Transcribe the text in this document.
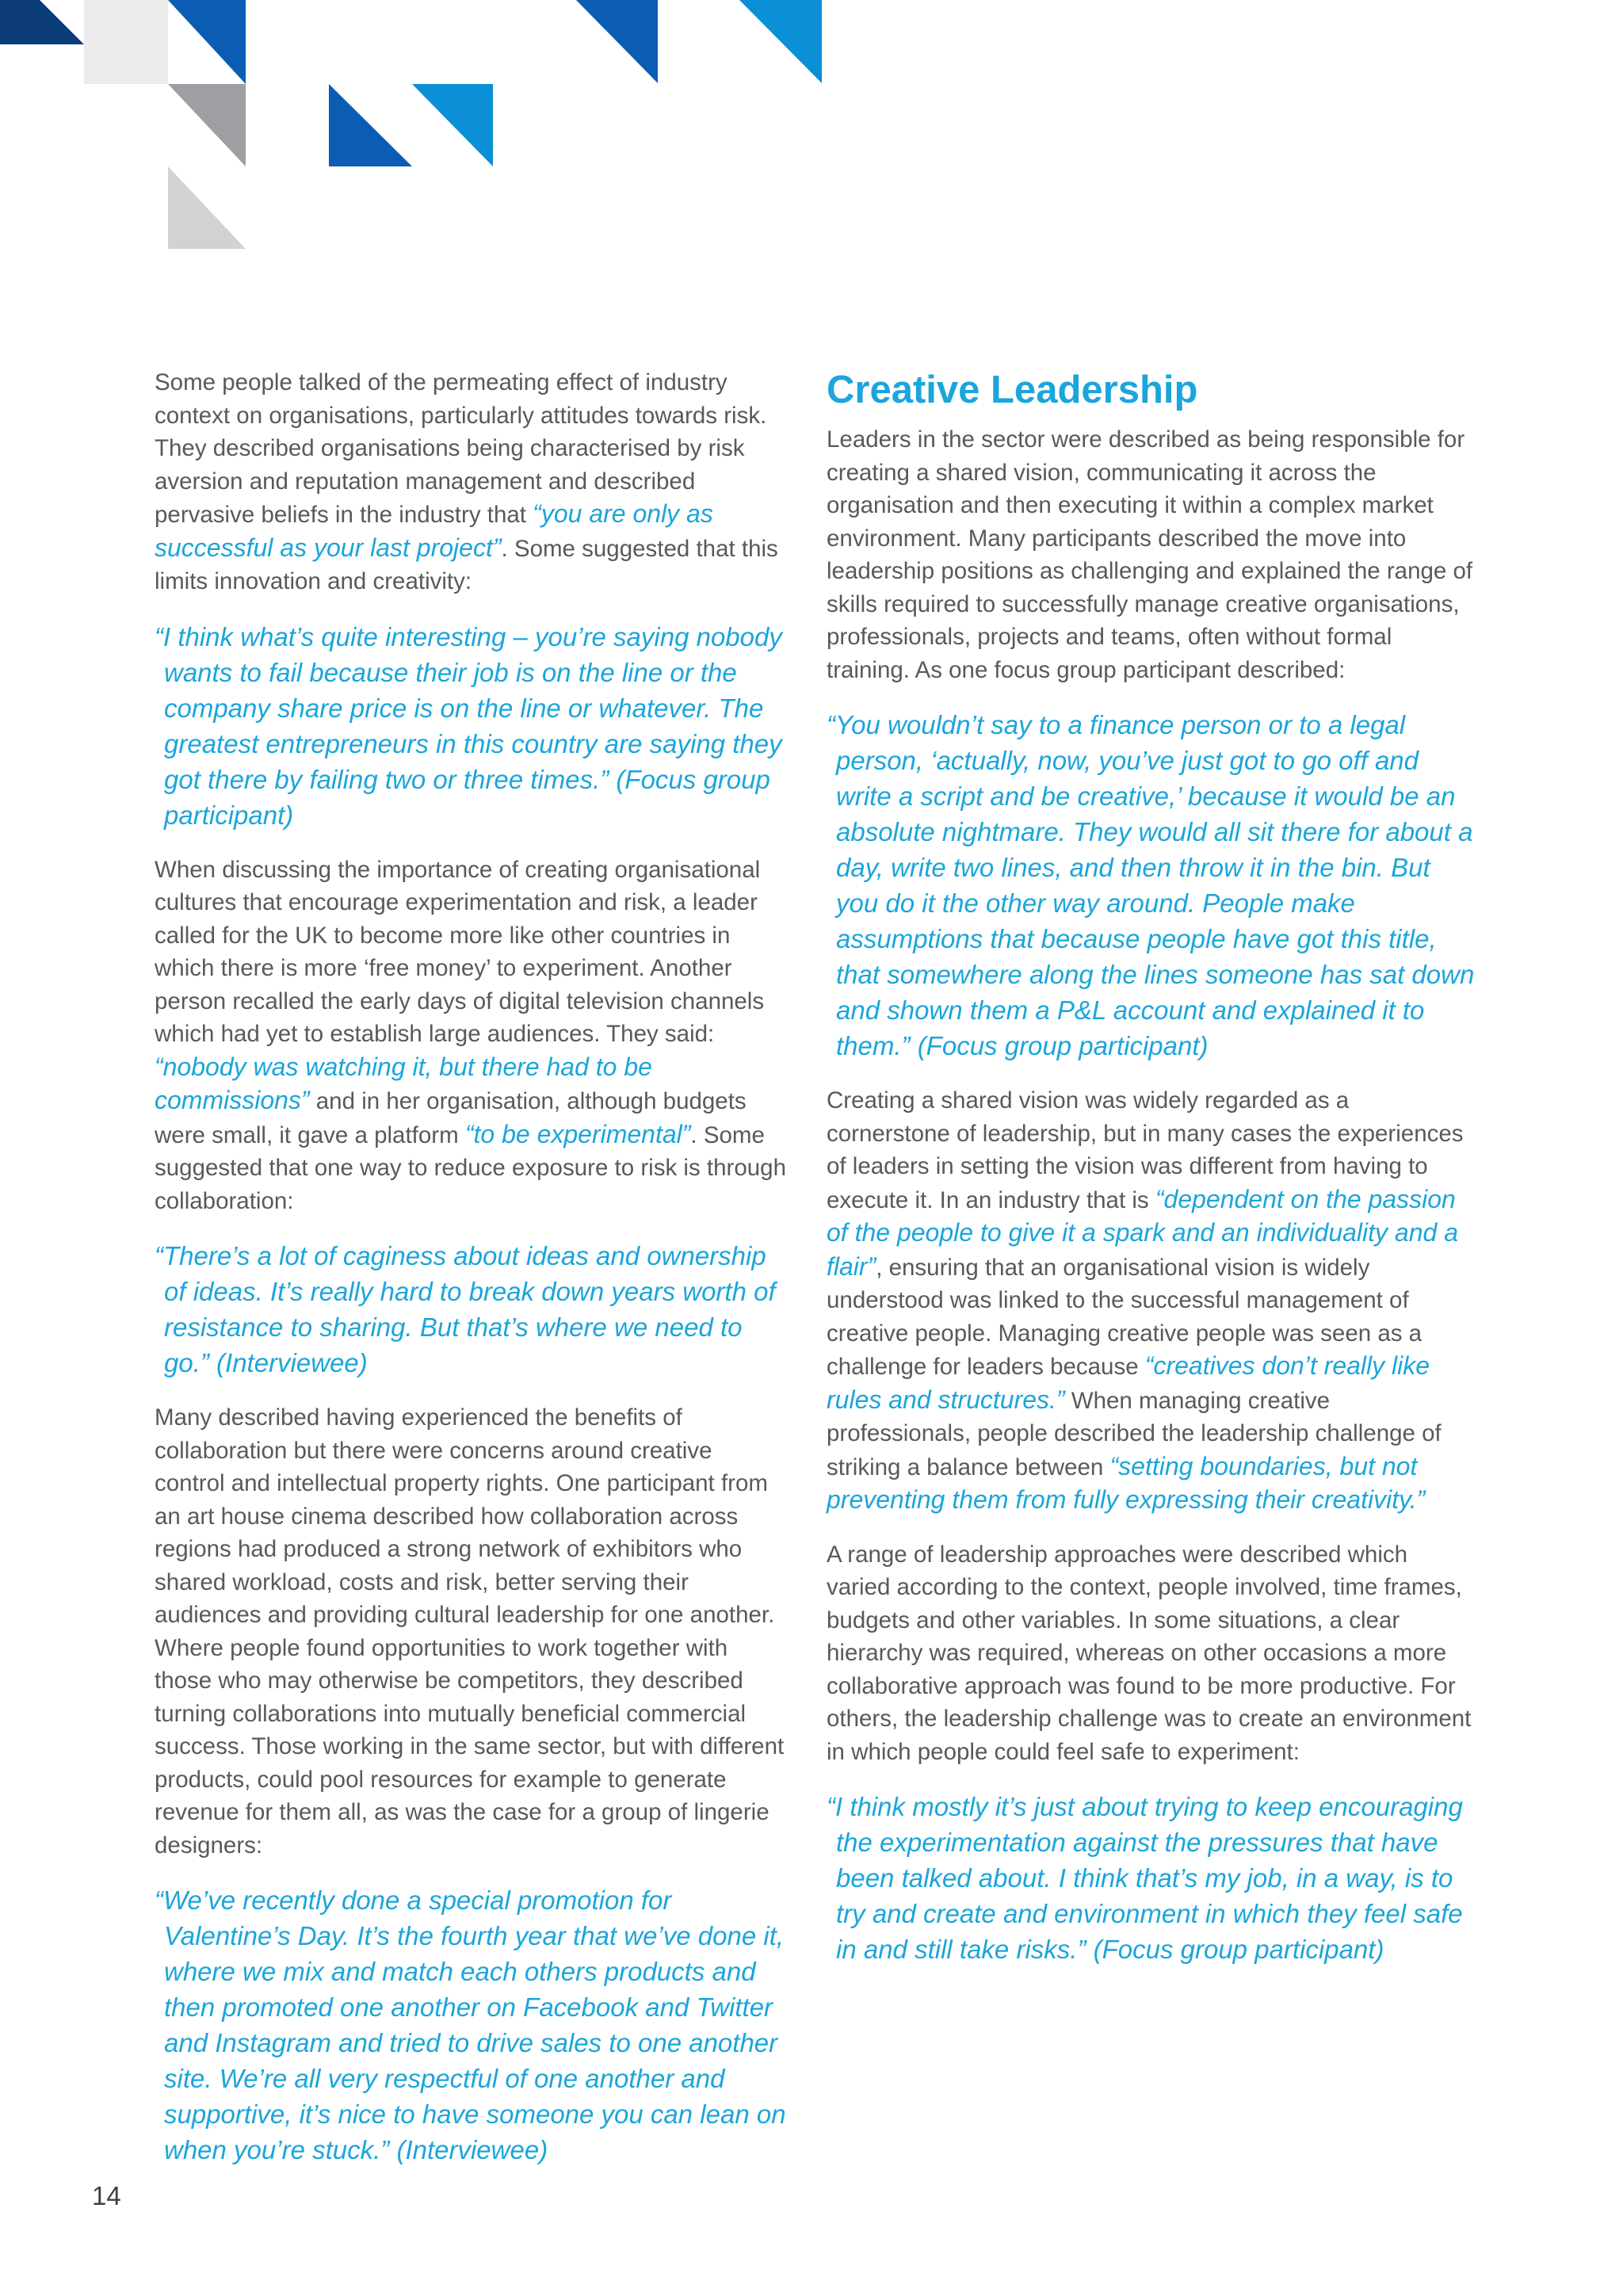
Some people talked of the permeating effect of industry context on organisations, particularly attitudes towards risk. They described organisations being characterised by risk aversion and reputation management and described pervasive beliefs in the industry that “you are only as successful as your last project”. Some suggested that this limits innovation and creativity:

“I think what’s quite interesting – you’re saying nobody wants to fail because their job is on the line or the company share price is on the line or whatever. The greatest entrepreneurs in this country are saying they got there by failing two or three times.” (Focus group participant)

When discussing the importance of creating organisational cultures that encourage experimentation and risk, a leader called for the UK to become more like other countries in which there is more ‘free money’ to experiment. Another person recalled the early days of digital television channels which had yet to establish large audiences. They said: “nobody was watching it, but there had to be commissions” and in her organisation, although budgets were small, it gave a platform “to be experimental”. Some suggested that one way to reduce exposure to risk is through collaboration:

“There’s a lot of caginess about ideas and ownership of ideas. It’s really hard to break down years worth of resistance to sharing. But that’s where we need to go.” (Interviewee)

Many described having experienced the benefits of collaboration but there were concerns around creative control and intellectual property rights. One participant from an art house cinema described how collaboration across regions had produced a strong network of exhibitors who shared workload, costs and risk, better serving their audiences and providing cultural leadership for one another. Where people found opportunities to work together with those who may otherwise be competitors, they described turning collaborations into mutually beneficial commercial success. Those working in the same sector, but with different products, could pool resources for example to generate revenue for them all, as was the case for a group of lingerie designers:

“We’ve recently done a special promotion for Valentine’s Day. It’s the fourth year that we’ve done it, where we mix and match each others products and then promoted one another on Facebook and Twitter and Instagram and tried to drive sales to one another site. We’re all very respectful of one another and supportive, it’s nice to have someone you can lean on when you’re stuck.” (Interviewee)

Creative Leadership

Leaders in the sector were described as being responsible for creating a shared vision, communicating it across the organisation and then executing it within a complex market environment. Many participants described the move into leadership positions as challenging and explained the range of skills required to successfully manage creative organisations, professionals, projects and teams, often without formal training. As one focus group participant described:

“You wouldn’t say to a finance person or to a legal person, ‘actually, now, you’ve just got to go off and write a script and be creative,’ because it would be an absolute nightmare. They would all sit there for about a day, write two lines, and then throw it in the bin. But you do it the other way around. People make assumptions that because people have got this title, that somewhere along the lines someone has sat down and shown them a P&L account and explained it to them.” (Focus group participant)

Creating a shared vision was widely regarded as a cornerstone of leadership, but in many cases the experiences of leaders in setting the vision was different from having to execute it. In an industry that is “dependent on the passion of the people to give it a spark and an individuality and a flair”, ensuring that an organisational vision is widely understood was linked to the successful management of creative people. Managing creative people was seen as a challenge for leaders because “creatives don’t really like rules and structures.” When managing creative professionals, people described the leadership challenge of striking a balance between “setting boundaries, but not preventing them from fully expressing their creativity.”

A range of leadership approaches were described which varied according to the context, people involved, time frames, budgets and other variables. In some situations, a clear hierarchy was required, whereas on other occasions a more collaborative approach was found to be more productive. For others, the leadership challenge was to create an environment in which people could feel safe to experiment:

“I think mostly it’s just about trying to keep encouraging the experimentation against the pressures that have been talked about. I think that’s my job, in a way, is to try and create and environment in which they feel safe in and still take risks.” (Focus group participant)

14
